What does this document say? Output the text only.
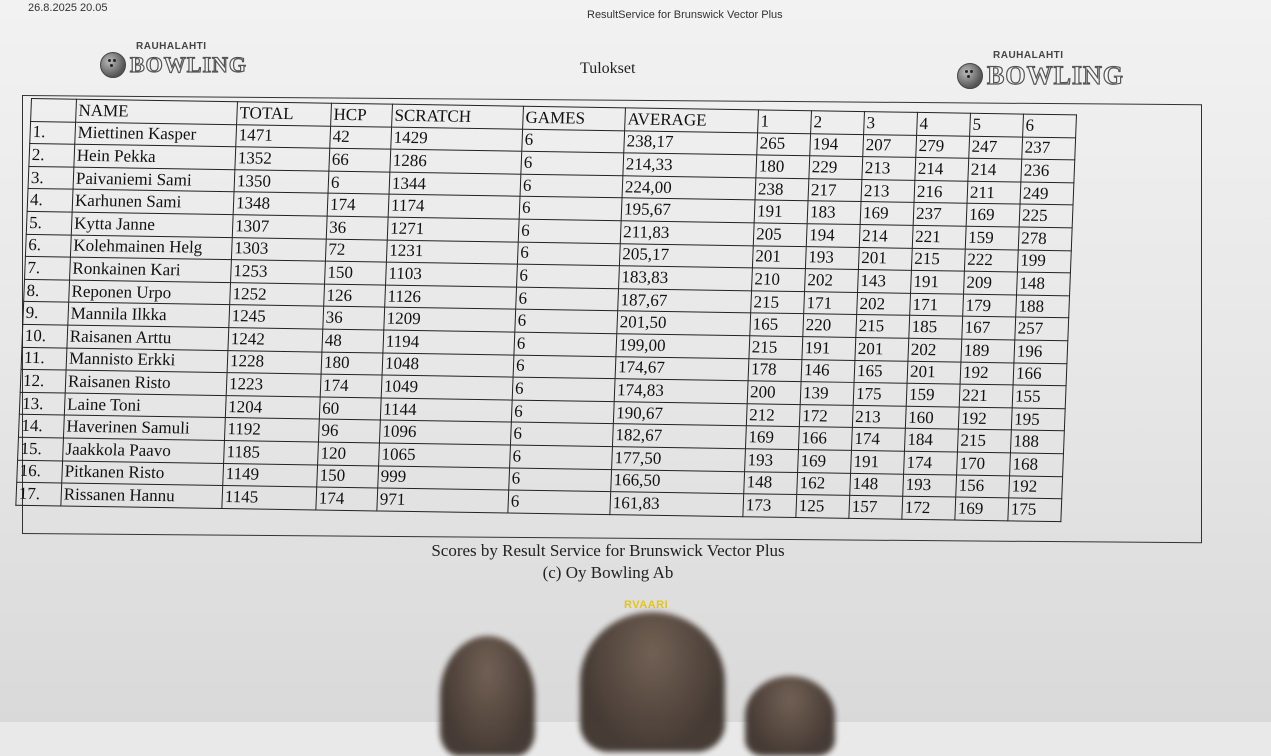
26.8.2025 20.05
ResultService for Brunswick Vector Plus
RAUHALAHTI
BOWLING	Tulokset
RAUHALAHTI
BOWLING
	NAME	TOTAL	HCP	SCRATCH	GAMES	AVERAGE	1	2	3	4	5	6
1.	Miettinen Kasper	1471	42	1429	6	238,17	265	194	207	279	247	237
2.	Hein Pekka	1352	66	1286	6	214,33	180	229	213	214	214	236
3.	Paivaniemi Sami	1350	6	1344	6	224,00	238	217	213	216	211	249
4.	Karhunen Sami	1348	174	1174	6	195,67	191	183	169	237	169	225
5.	Kytta Janne	1307	36	1271	6	211,83	205	194	214	221	159	278
6.	Kolehmainen Helg	1303	72	1231	6	205,17	201	193	201	215	222	199
7.	Ronkainen Kari	1253	150	1103	6	183,83	210	202	143	191	209	148
8.	Reponen Urpo	1252	126	1126	6	187,67	215	171	202	171	179	188
9.	Mannila Ilkka	1245	36	1209	6	201,50	165	220	215	185	167	257
10.	Raisanen Arttu	1242	48	1194	6	199,00	215	191	201	202	189	196
11.	Mannisto Erkki	1228	180	1048	6	174,67	178	146	165	201	192	166
12.	Raisanen Risto	1223	174	1049	6	174,83	200	139	175	159	221	155
13.	Laine Toni	1204	60	1144	6	190,67	212	172	213	160	192	195
14.	Haverinen Samuli	1192	96	1096	6	182,67	169	166	174	184	215	188
15.	Jaakkola Paavo	1185	120	1065	6	177,50	193	169	191	174	170	168
16.	Pitkanen Risto	1149	150	999	6	166,50	148	162	148	193	156	192
17.	Rissanen Hannu	1145	174	971	6	161,83	173	125	157	172	169	175
Scores by Result Service for Brunswick Vector Plus
(c) Oy Bowling Ab
RVAARI
